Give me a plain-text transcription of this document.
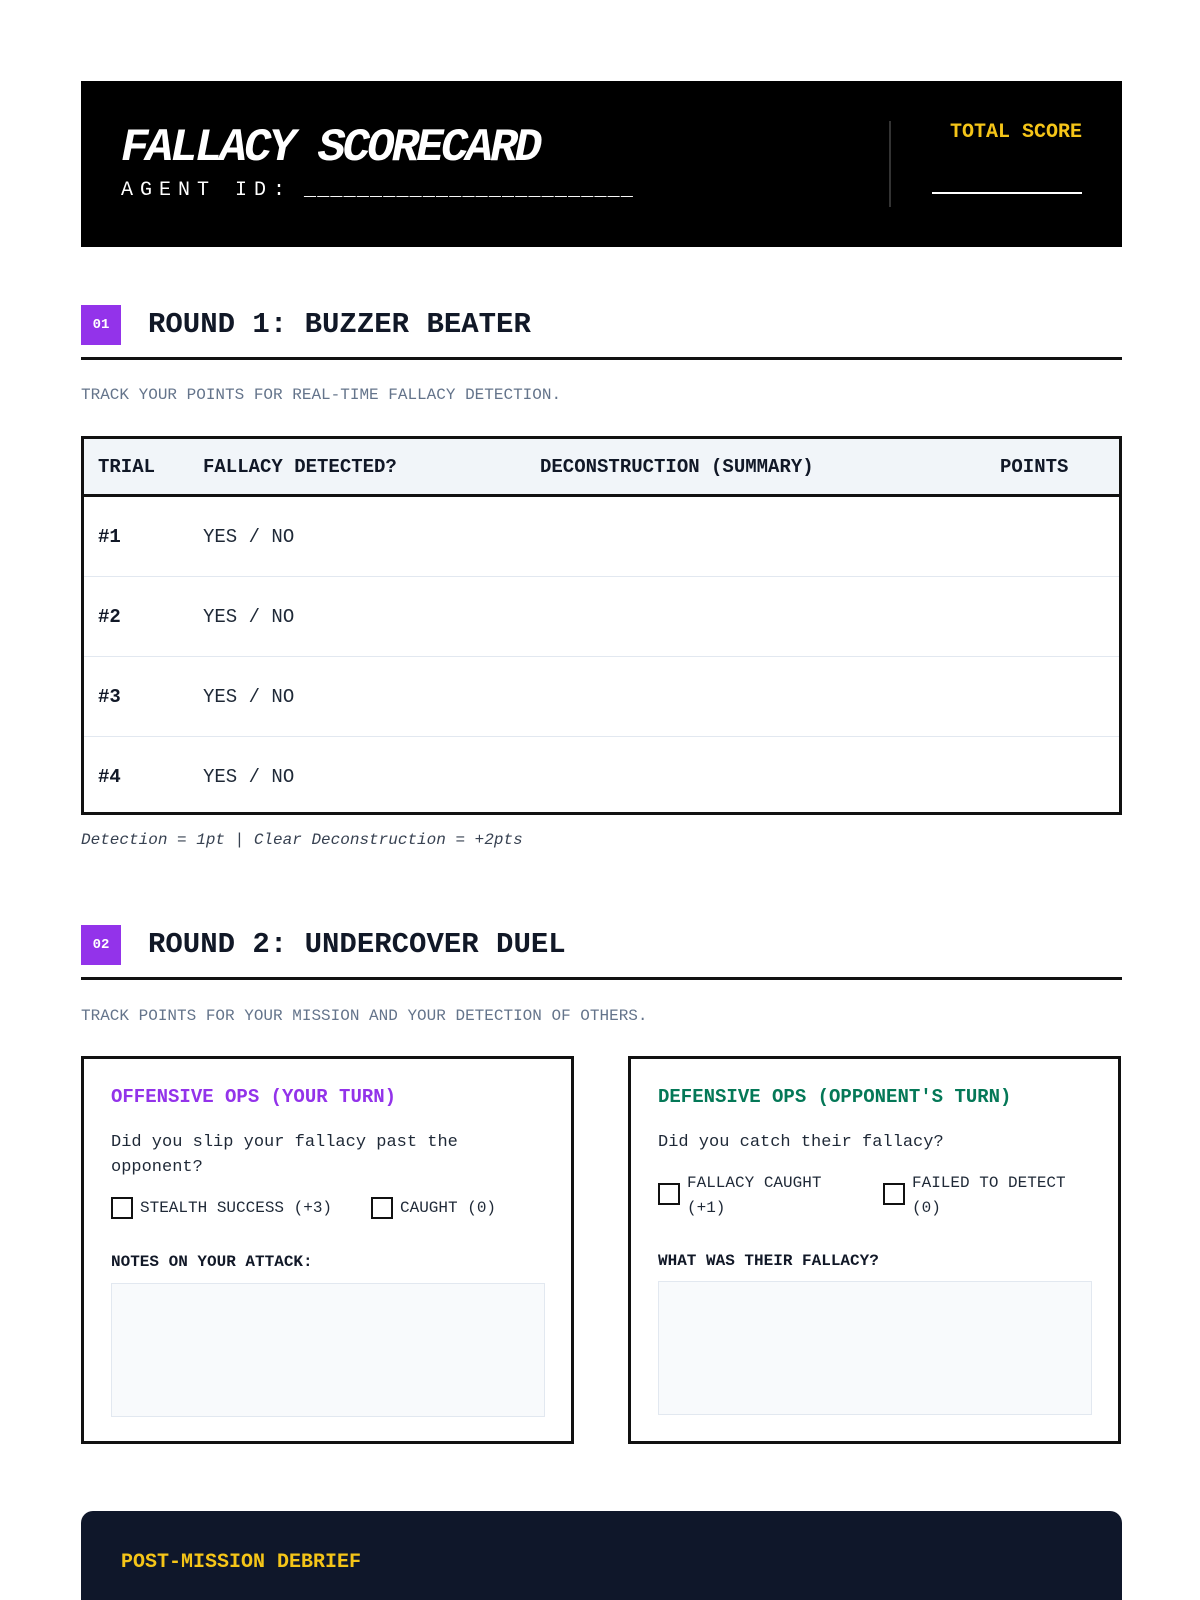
FALLACY SCORECARD
AGENT ID: _________________________
TOTAL SCORE
01	ROUND 1: BUZZER BEATER
TRACK YOUR POINTS FOR REAL-TIME FALLACY DETECTION.
TRIAL	FALLACY DETECTED?	DECONSTRUCTION (SUMMARY)	POINTS
#1	YES / NO		
#2	YES / NO		
#3	YES / NO		
#4	YES / NO		
Detection = 1pt | Clear Deconstruction = +2pts
02	ROUND 2: UNDERCOVER DUEL
TRACK POINTS FOR YOUR MISSION AND YOUR DETECTION OF OTHERS.
OFFENSIVE OPS (YOUR TURN)
Did you slip your fallacy past the opponent?
STEALTH SUCCESS (+3)	CAUGHT (0)
NOTES ON YOUR ATTACK:
DEFENSIVE OPS (OPPONENT'S TURN)
Did you catch their fallacy?
FALLACY CAUGHT
(+1)
FAILED TO DETECT
(0)
WHAT WAS THEIR FALLACY?
POST-MISSION DEBRIEF
